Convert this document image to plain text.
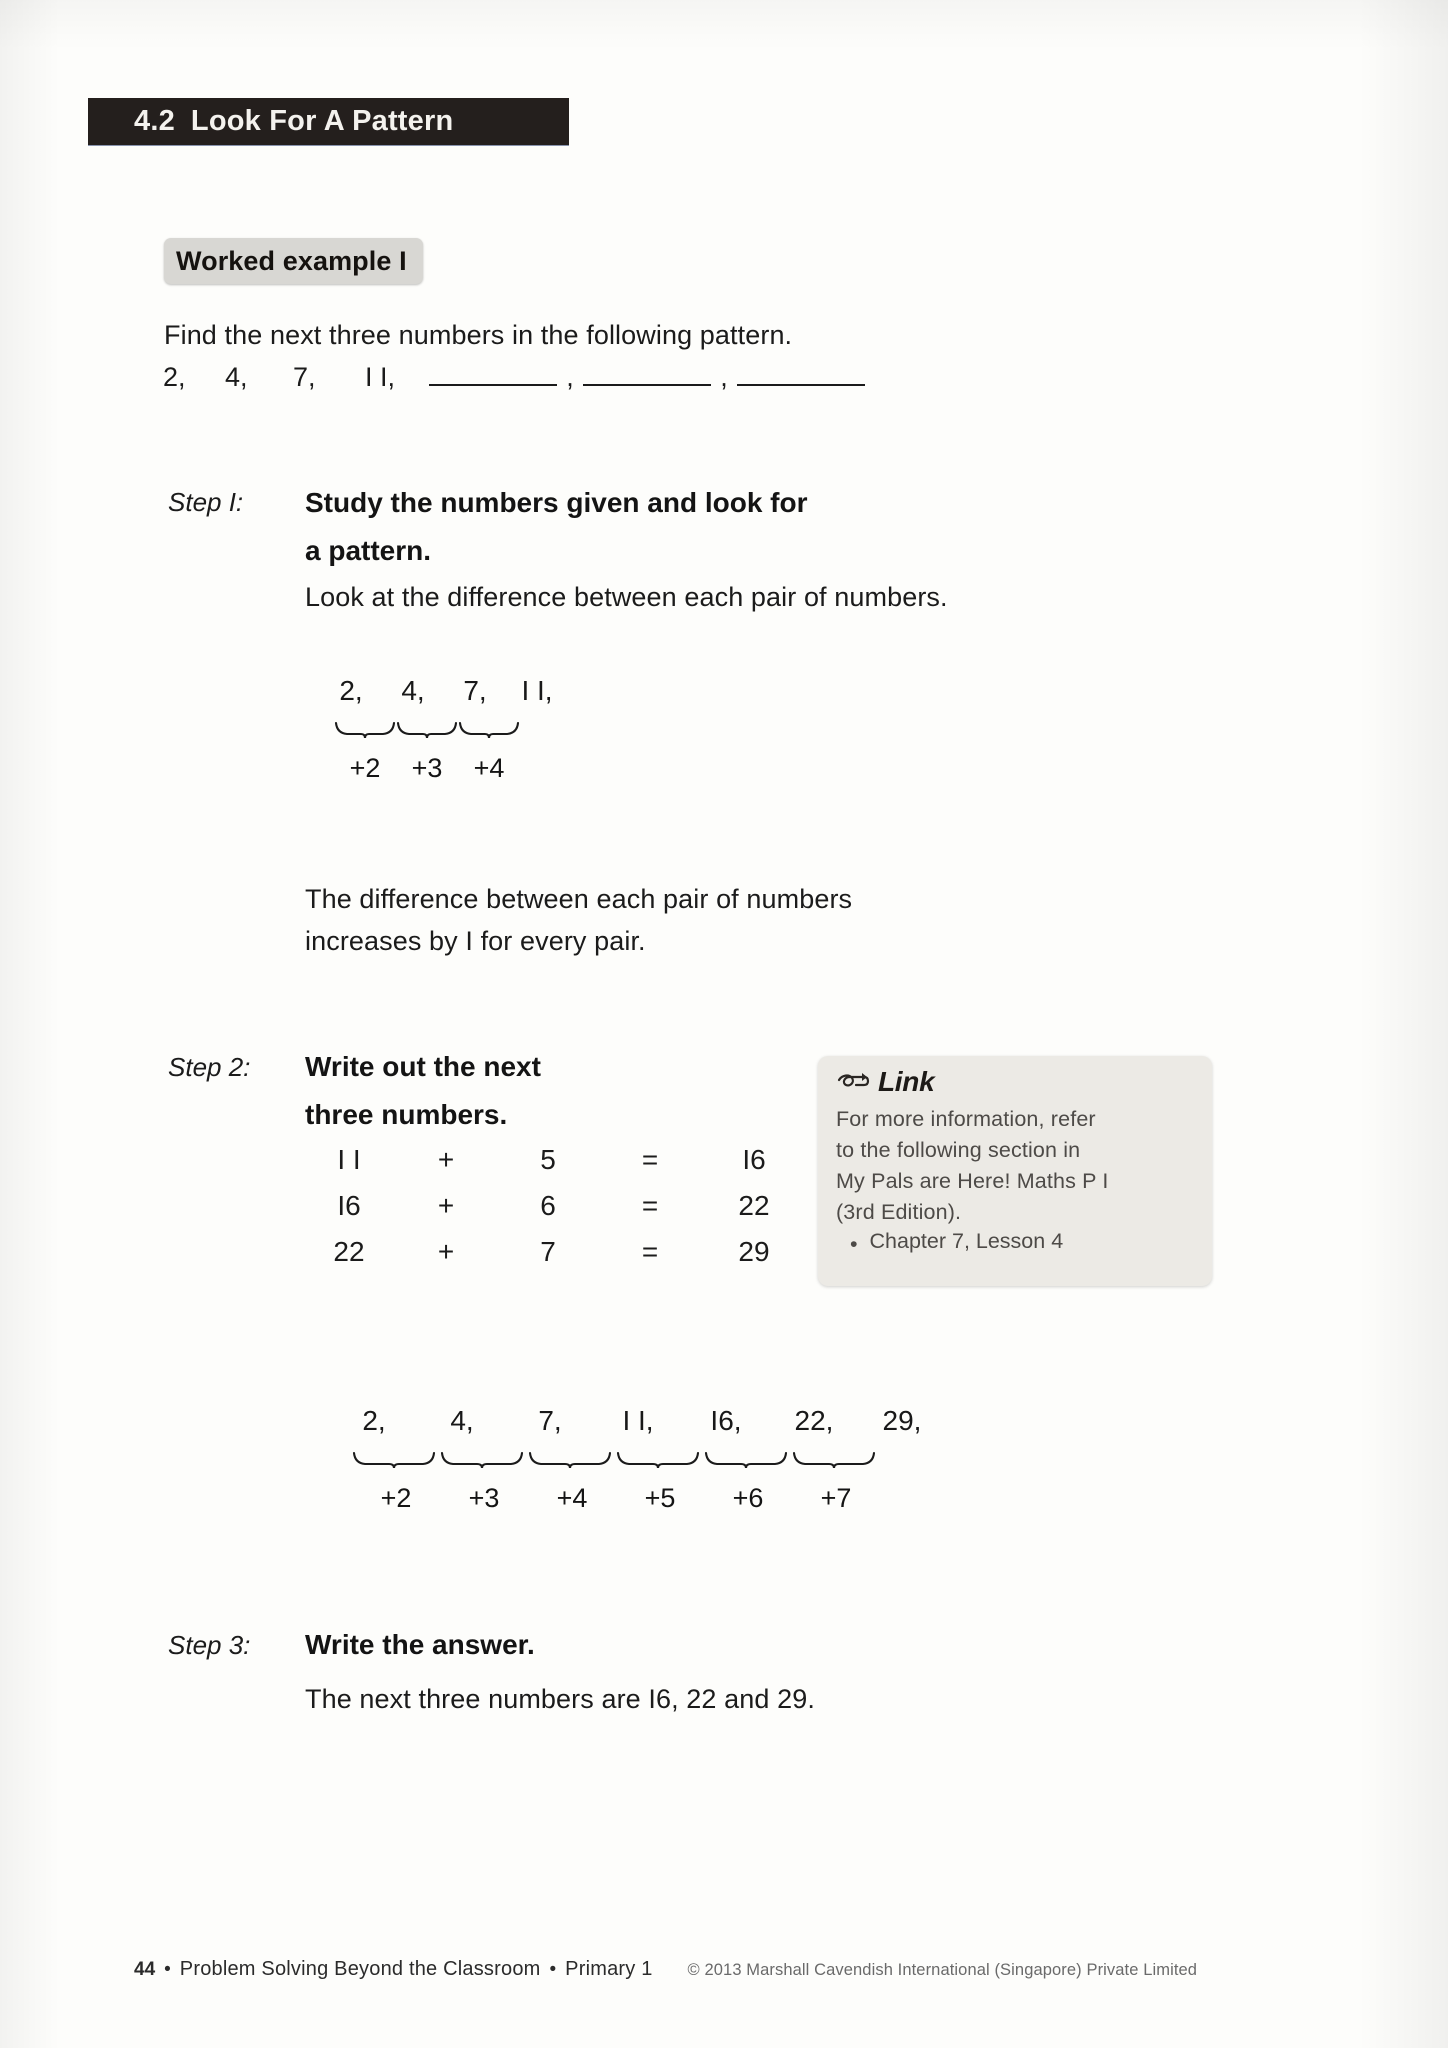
4.2 Look For A Pattern
Worked example I
Find the next three numbers in the following pattern.
2,	4,	7,	I I,	,	,
Step I: Study the numbers given and look for
a pattern.
Look at the difference between each pair of numbers.
2,	4,	7,	I I,
+2	+3	+4
The difference between each pair of numbers
increases by I for every pair.
Step 2: Write out the next
three numbers.
I I	+	5	=	I6
I6	+	6	=	22
22	+	7	=	29
Link
For more information, refer
to the following section in
My Pals are Here! Maths P I
(3rd Edition).
• Chapter 7, Lesson 4
2,	4,	7,	I I,	I6,	22,	29,
+2	+3	+4	+5	+6	+7
Step 3: Write the answer.
The next three numbers are I6, 22 and 29.
44 • Problem Solving Beyond the Classroom • Primary 1 © 2013 Marshall Cavendish International (Singapore) Private Limited
